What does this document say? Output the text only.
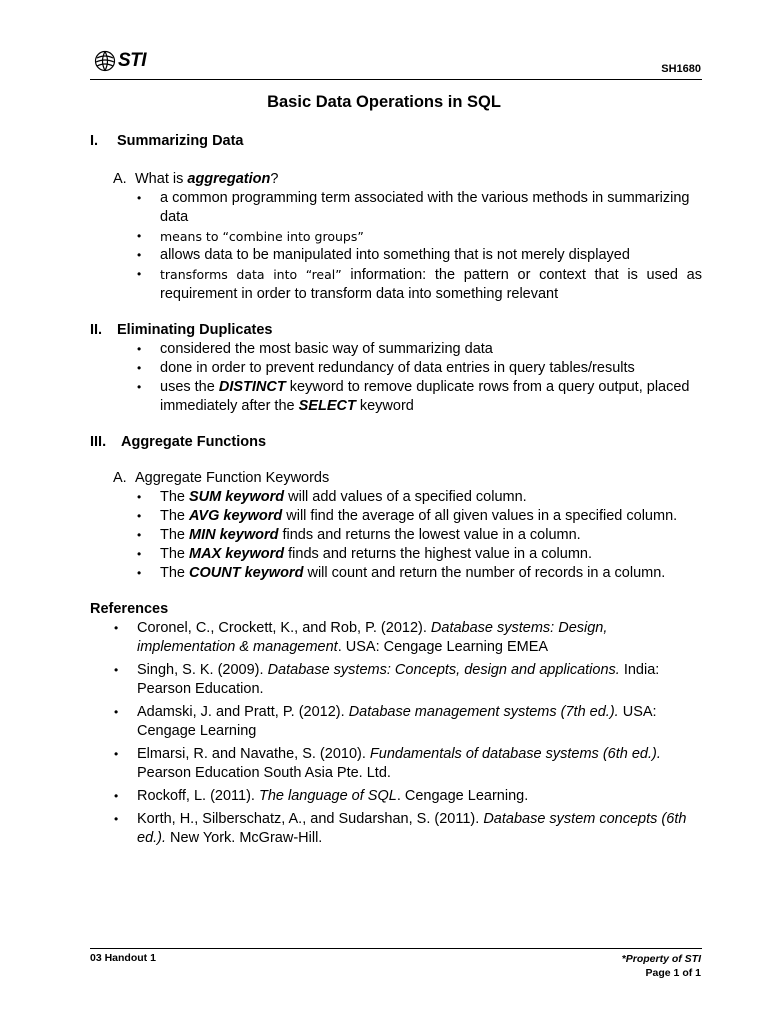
STI	SH1680
Basic Data Operations in SQL
I.	Summarizing Data
A. What is aggregation?
•	a common programming term associated with the various methods in summarizing data
•	means to “combine into groups”
•	allows data to be manipulated into something that is not merely displayed
•	transforms data into “real” information: the pattern or context that is used as requirement in order to transform data into something relevant
II.	Eliminating Duplicates
•	considered the most basic way of summarizing data
•	done in order to prevent redundancy of data entries in query tables/results
•	uses the DISTINCT keyword to remove duplicate rows from a query output, placed immediately after the SELECT keyword
III.	Aggregate Functions
A. Aggregate Function Keywords
•	The SUM keyword will add values of a specified column.
•	The AVG keyword will find the average of all given values in a specified column.
•	The MIN keyword finds and returns the lowest value in a column.
•	The MAX keyword finds and returns the highest value in a column.
•	The COUNT keyword will count and return the number of records in a column.
References
•	Coronel, C., Crockett, K., and Rob, P. (2012). Database systems: Design, implementation & management. USA: Cengage Learning EMEA
•	Singh, S. K. (2009). Database systems: Concepts, design and applications. India: Pearson Education.
•	Adamski, J. and Pratt, P. (2012). Database management systems (7th ed.). USA: Cengage Learning
•	Elmarsi, R. and Navathe, S. (2010). Fundamentals of database systems (6th ed.). Pearson Education South Asia Pte. Ltd.
•	Rockoff, L. (2011). The language of SQL. Cengage Learning.
•	Korth, H., Silberschatz, A., and Sudarshan, S. (2011). Database system concepts (6th ed.). New York. McGraw-Hill.
03 Handout 1	*Property of STI
Page 1 of 1
